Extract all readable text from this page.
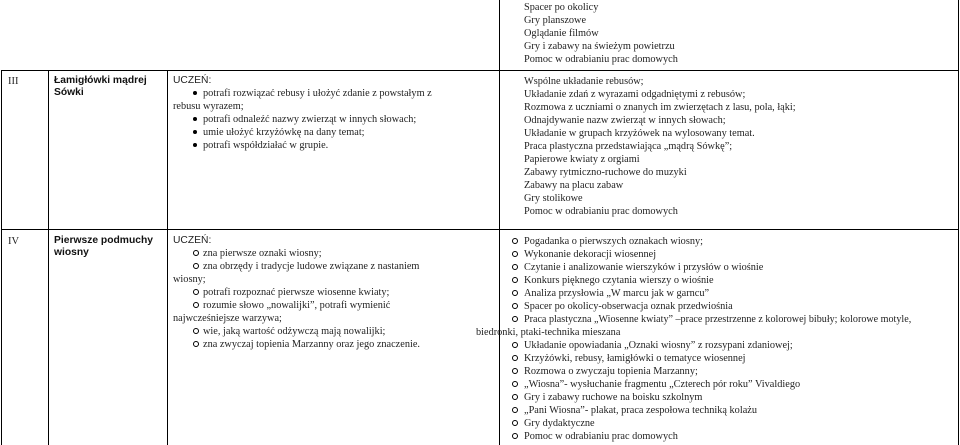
Spacer po okolicy
Gry planszowe
Oglądanie filmów
Gry i zabawy na świeżym powietrzu
Pomoc w odrabianiu prac domowych
III	Łamigłówki mądrej
Sówki
UCZEŃ:
potrafi rozwiązać rebusy i ułożyć zdanie z powstałym z
rebusu wyrazem;
potrafi odnaleźć nazwy zwierząt w innych słowach;
umie ułożyć krzyżówkę na dany temat;
potrafi współdziałać w grupie.
Wspólne układanie rebusów;
Układanie zdań z wyrazami odgadniętymi z rebusów;
Rozmowa z uczniami o znanych im zwierzętach z lasu, pola, łąki;
Odnajdywanie nazw zwierząt w innych słowach;
Układanie w grupach krzyżówek na wylosowany temat.
Praca plastyczna przedstawiająca „mądrą Sówkę”;
Papierowe kwiaty z orgiami
Zabawy rytmiczno-ruchowe do muzyki
Zabawy na placu zabaw
Gry stolikowe
Pomoc w odrabianiu prac domowych
IV	Pierwsze podmuchy
wiosny
UCZEŃ:
zna pierwsze oznaki wiosny;
zna obrzędy i tradycje ludowe związane z nastaniem
wiosny;
potrafi rozpoznać pierwsze wiosenne kwiaty;
rozumie słowo „nowalijki”, potrafi wymienić
najwcześniejsze warzywa;
wie, jaką wartość odżywczą mają nowalijki;
zna zwyczaj topienia Marzanny oraz jego znaczenie.
Pogadanka o pierwszych oznakach wiosny;
Wykonanie dekoracji wiosennej
Czytanie i analizowanie wierszyków i przysłów o wiośnie
Konkurs pięknego czytania wierszy o wiośnie
Analiza przysłowia „W marcu jak w garncu”
Spacer po okolicy-obserwacja oznak przedwiośnia
Praca plastyczna „Wiosenne kwiaty” –prace przestrzenne z kolorowej bibuły; kolorowe motyle,
biedronki, ptaki-technika mieszana
Układanie opowiadania „Oznaki wiosny” z rozsypani zdaniowej;
Krzyżówki, rebusy, łamigłówki o tematyce wiosennej
Rozmowa o zwyczaju topienia Marzanny;
„Wiosna”- wysłuchanie fragmentu „Czterech pór roku” Vivaldiego
Gry i zabawy ruchowe na boisku szkolnym
„Pani Wiosna”- plakat, praca zespołowa techniką kolażu
Gry dydaktyczne
Pomoc w odrabianiu prac domowych
